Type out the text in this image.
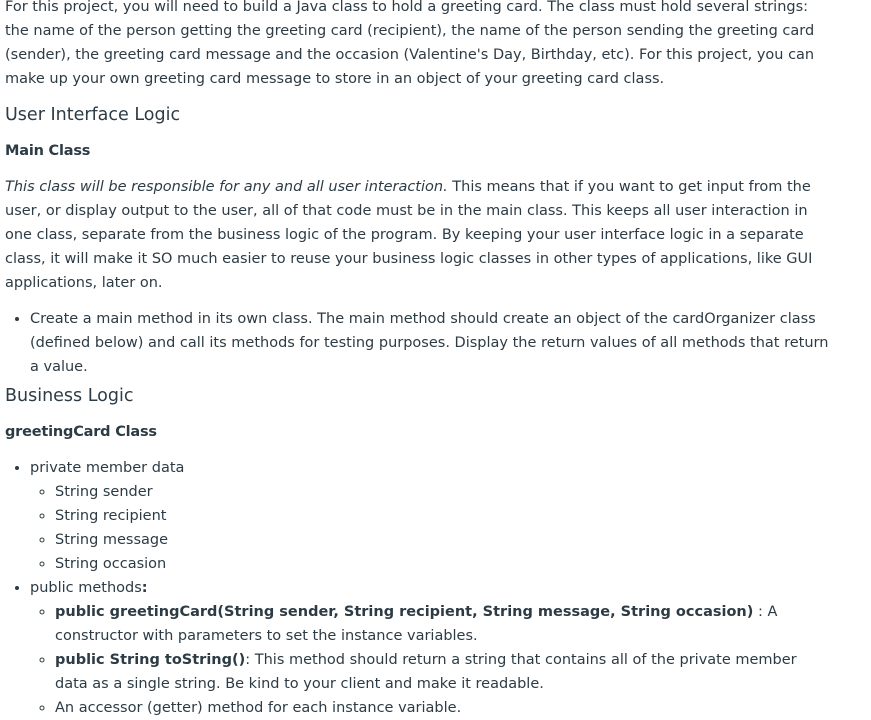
For this project, you will need to build a Java class to hold a greeting card. The class must hold several strings: the name of the person getting the greeting card (recipient), the name of the person sending the greeting card (sender), the greeting card message and the occasion (Valentine's Day, Birthday, etc). For this project, you can make up your own greeting card message to store in an object of your greeting card class.

User Interface Logic
Main Class

This class will be responsible for any and all user interaction. This means that if you want to get input from the user, or display output to the user, all of that code must be in the main class. This keeps all user interaction in one class, separate from the business logic of the program. By keeping your user interface logic in a separate class, it will make it SO much easier to reuse your business logic classes in other types of applications, like GUI applications, later on.

• Create a main method in its own class. The main method should create an object of the cardOrganizer class (defined below) and call its methods for testing purposes. Display the return values of all methods that return a value.
Business Logic
greetingCard Class
• private member data
◦ String sender
◦ String recipient
◦ String message
◦ String occasion
• public methods:
◦ public greetingCard(String sender, String recipient, String message, String occasion) : A constructor with parameters to set the instance variables.
◦ public String toString(): This method should return a string that contains all of the private member data as a single string. Be kind to your client and make it readable.
◦ An accessor (getter) method for each instance variable.
